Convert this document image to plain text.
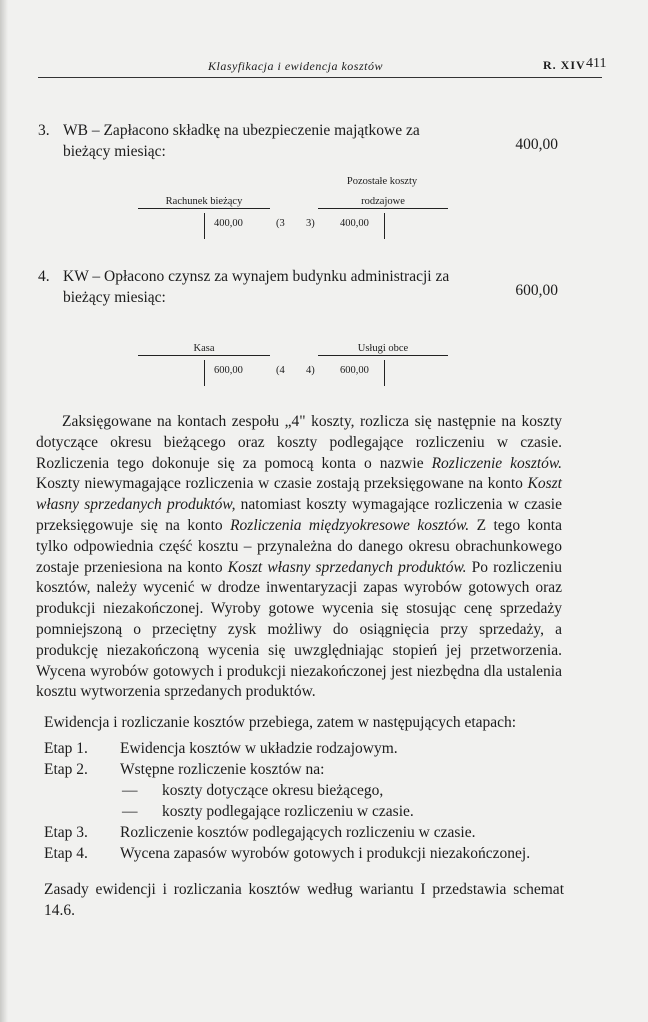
Klasyfikacja i ewidencja kosztów	R. XIV 411
3. WB – Zapłacono składkę na ubezpieczenie majątkowe za bieżący miesiąc:	400,00
Rachunek bieżący
400,00	(3 3)
Pozostałe koszty
rodzajowe
400,00
4. KW – Opłacono czynsz za wynajem budynku administracji za bieżący miesiąc:	600,00
Kasa
600,00	(4 4)
Usługi obce
600,00

Zaksięgowane na kontach zespołu „4" koszty, rozlicza się następnie na koszty dotyczące okresu bieżącego oraz koszty podlegające rozliczeniu w czasie. Rozliczenia tego dokonuje się za pomocą konta o nazwie Rozliczenie kosztów. Koszty niewymagające rozliczenia w czasie zostają przeksięgowane na konto Koszt własny sprzedanych produktów, natomiast koszty wymagające rozliczenia w czasie przeksięgowuje się na konto Rozliczenia międzyokresowe kosztów. Z tego konta tylko odpowiednia część kosztu – przynależna do danego okresu obrachunkowego zostaje przeniesiona na konto Koszt własny sprzedanych produktów. Po rozliczeniu kosztów, należy wycenić w drodze inwentaryzacji zapas wyrobów gotowych oraz produkcji niezakończonej. Wyroby gotowe wycenia się stosując cenę sprzedaży pomniejszoną o przeciętny zysk możliwy do osiągnięcia przy sprzedaży, a produkcję niezakończoną wycenia się uwzględniając stopień jej przetworzenia. Wycena wyrobów gotowych i produkcji niezakończonej jest niezbędna dla ustalenia kosztu wytworzenia sprzedanych produktów.

Ewidencja i rozliczanie kosztów przebiega, zatem w następujących etapach:
Etap 1. Ewidencja kosztów w układzie rodzajowym.
Etap 2. Wstępne rozliczenie kosztów na:
— koszty dotyczące okresu bieżącego,
— koszty podlegające rozliczeniu w czasie.
Etap 3. Rozliczenie kosztów podlegających rozliczeniu w czasie.
Etap 4. Wycena zapasów wyrobów gotowych i produkcji niezakończonej.
Zasady ewidencji i rozliczania kosztów według wariantu I przedstawia schemat 14.6.
